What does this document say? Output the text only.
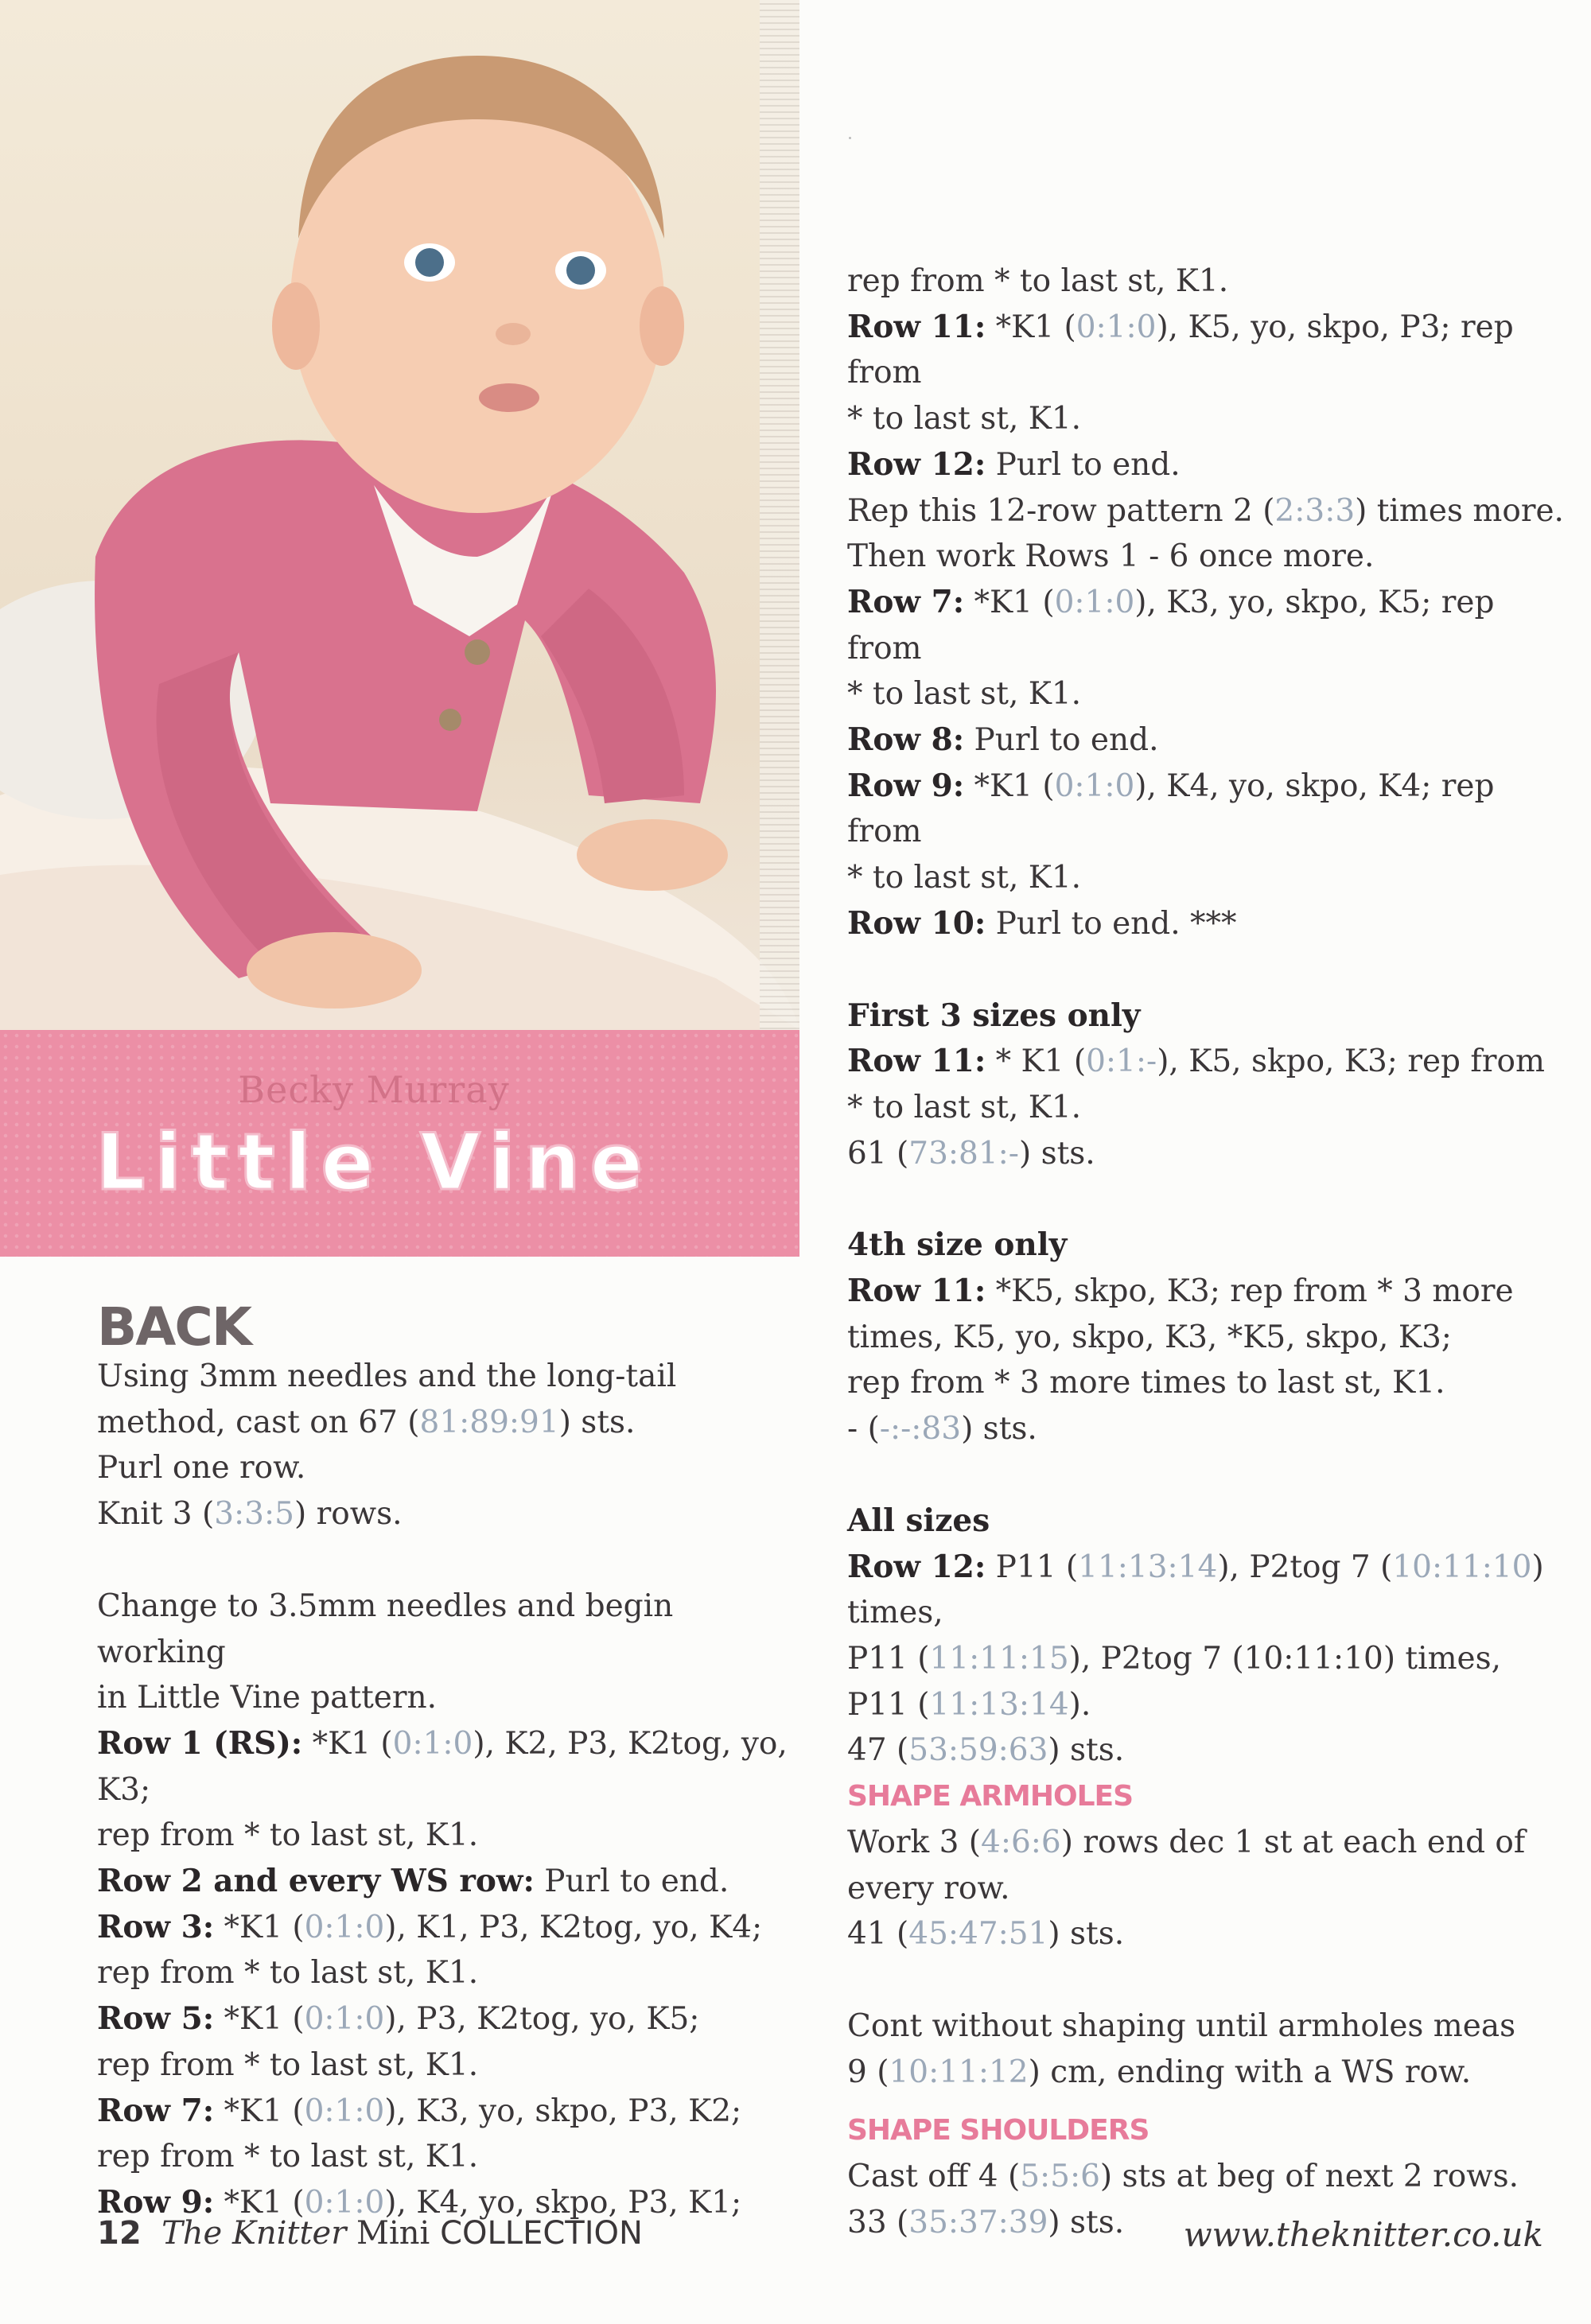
Becky Murray
Little Vine
BACK

Using 3mm needles and the long-tail

method, cast on 67 (81:89:91) sts.

Purl one row.

Knit 3 (3:3:5) rows.

Change to 3.5mm needles and begin working

in Little Vine pattern.

Row 1 (RS): *K1 (0:1:0), K2, P3, K2tog, yo, K3;

rep from * to last st, K1.

Row 2 and every WS row: Purl to end.

Row 3: *K1 (0:1:0), K1, P3, K2tog, yo, K4;

rep from * to last st, K1.

Row 5: *K1 (0:1:0), P3, K2tog, yo, K5;

rep from * to last st, K1.

Row 7: *K1 (0:1:0), K3, yo, skpo, P3, K2;

rep from * to last st, K1.

Row 9: *K1 (0:1:0), K4, yo, skpo, P3, K1;

rep from * to last st, K1.

Row 11: *K1 (0:1:0), K5, yo, skpo, P3; rep from

* to last st, K1.

Row 12: Purl to end.

Rep this 12-row pattern 2 (2:3:3) times more.

Then work Rows 1 - 6 once more.

Row 7: *K1 (0:1:0), K3, yo, skpo, K5; rep from

* to last st, K1.

Row 8: Purl to end.

Row 9: *K1 (0:1:0), K4, yo, skpo, K4; rep from

* to last st, K1.

Row 10: Purl to end. ***

First 3 sizes only

Row 11: * K1 (0:1:-), K5, skpo, K3; rep from

* to last st, K1.

61 (73:81:-) sts.

4th size only

Row 11: *K5, skpo, K3; rep from * 3 more

times, K5, yo, skpo, K3, *K5, skpo, K3;

rep from * 3 more times to last st, K1.

- (-:-:83) sts.

All sizes

Row 12: P11 (11:13:14), P2tog 7 (10:11:10) times,

P11 (11:11:15), P2tog 7 (10:11:10) times,

P11 (11:13:14).

47 (53:59:63) sts.

SHAPE ARMHOLES

Work 3 (4:6:6) rows dec 1 st at each end of

every row.

41 (45:47:51) sts.

Cont without shaping until armholes meas

9 (10:11:12) cm, ending with a WS row.

SHAPE SHOULDERS

Cast off 4 (5:5:6) sts at beg of next 2 rows.

33 (35:37:39) sts.

12 The Knitter Mini COLLECTION	www.theknitter.co.uk
